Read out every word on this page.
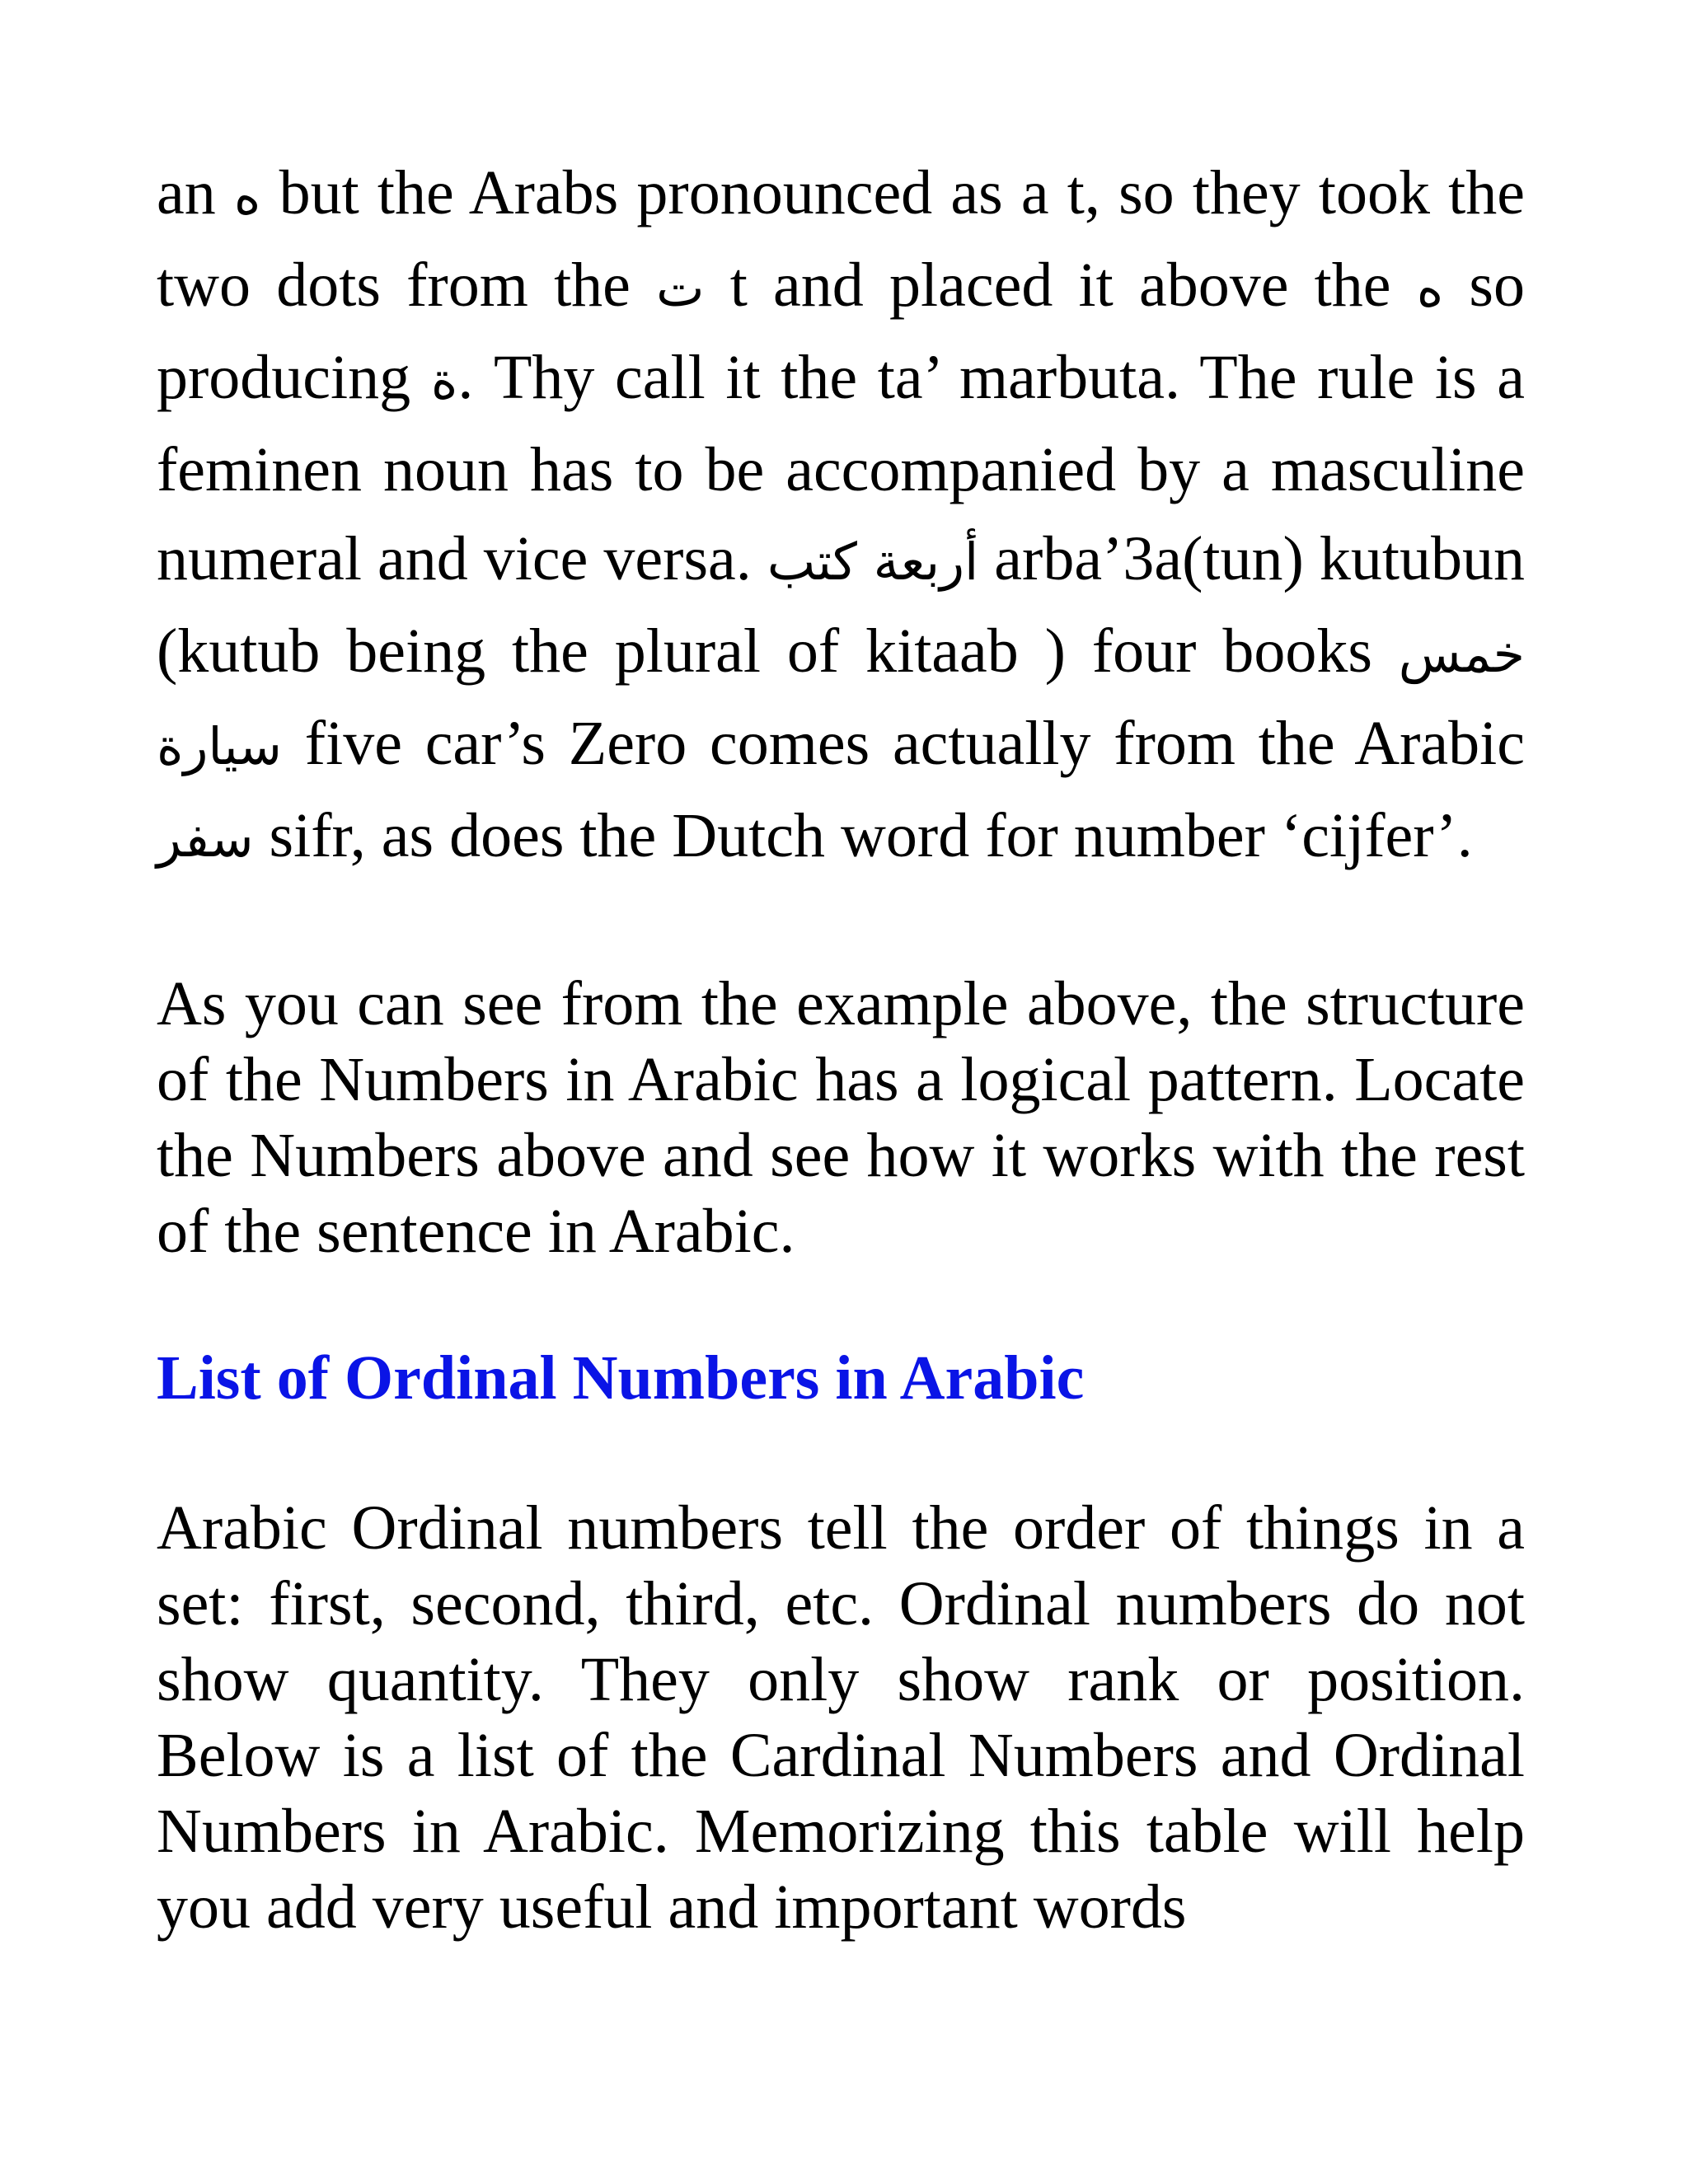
an ه but the Arabs pronounced as a t, so they took the two dots from the ت t and placed it above the ه so producing ة. Thy call it the ta’ marbuta. The rule is a feminen noun has to be accompanied by a masculine numeral and vice versa. أربعة كتب arba’3a(tun) kutubun (kutub being the plural of kitaab ) four books خمس سيارة five car’s Zero comes actually from the Arabic سفر sifr, as does the Dutch word for number ‘cijfer’.

As you can see from the example above, the structure of the Numbers in Arabic has a logical pattern. Locate the Numbers above and see how it works with the rest of the sentence in Arabic.

List of Ordinal Numbers in Arabic

Arabic Ordinal numbers tell the order of things in a set: first, second, third, etc. Ordinal numbers do not show quantity. They only show rank or position. Below is a list of the Cardinal Numbers and Ordinal Numbers in Arabic. Memorizing this table will help you add very useful and important words
